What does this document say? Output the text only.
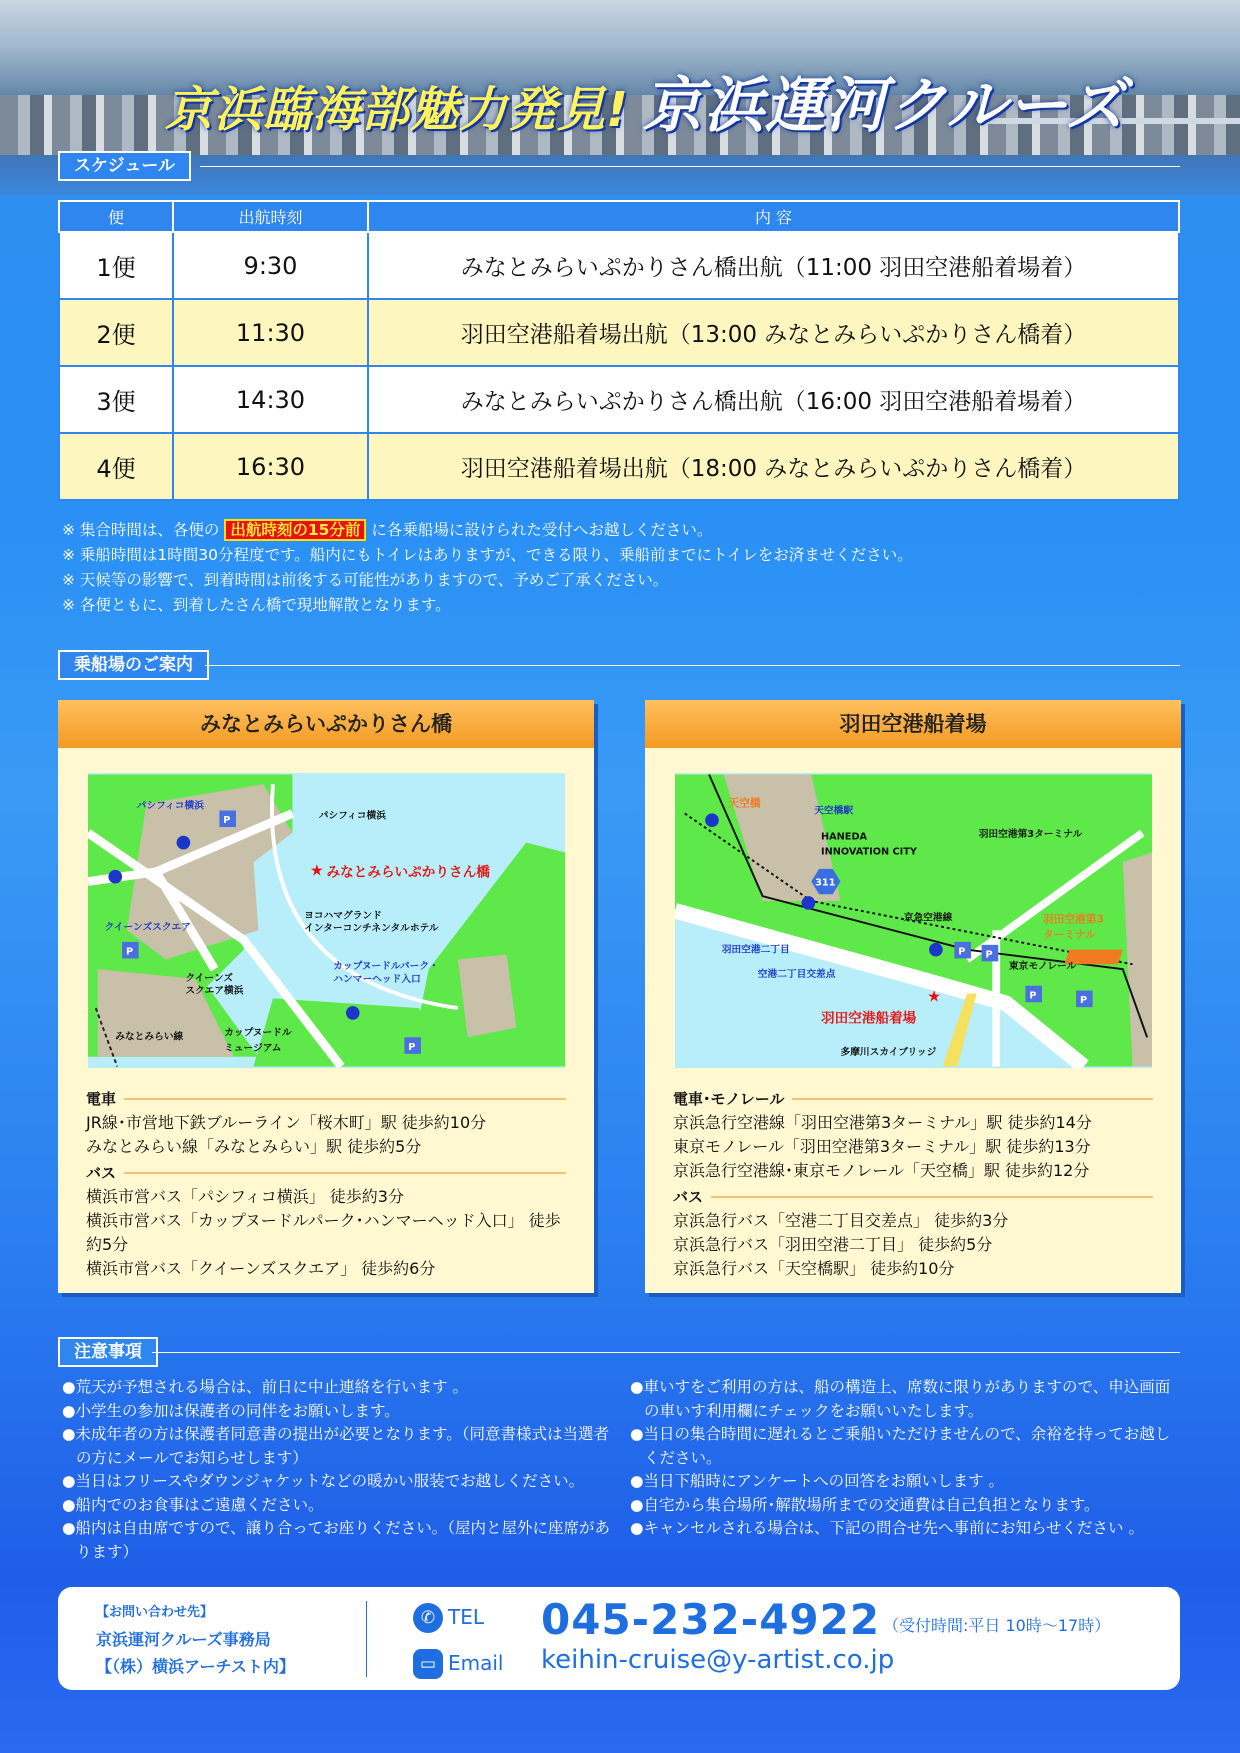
京浜臨海部魅力発見! 京浜運河クルーズ
スケジュール
便	出航時刻	内 容
1便	9:30	みなとみらいぷかりさん橋出航（11:00 羽田空港船着場着）
2便	11:30	羽田空港船着場出航（13:00 みなとみらいぷかりさん橋着）
3便	14:30	みなとみらいぷかりさん橋出航（16:00 羽田空港船着場着）
4便	16:30	羽田空港船着場出航（18:00 みなとみらいぷかりさん橋着）
※ 集合時間は、各便の 出航時刻の15分前 に各乗船場に設けられた受付へお越しください。
※ 乗船時間は1時間30分程度です。船内にもトイレはありますが、できる限り、乗船前までにトイレをお済ませください。
※ 天候等の影響で、到着時間は前後する可能性がありますので、予めご了承ください。
※ 各便ともに、到着したさん橋で現地解散となります。
乗船場のご案内
みなとみらいぷかりさん橋
P
P
P
★
パシフィコ横浜
クイーンズスクエア
カップヌードルパーク・
ハンマーヘッド入口
みなとみらいぷかりさん橋
パシフィコ横浜
ヨコハマグランド
インターコンチネンタルホテル
クイーンズ
スクエア横浜
みなとみらい線	カップヌードル
ミュージアム
電車
JR線･市営地下鉄ブルーライン「桜木町」駅 徒歩約10分
みなとみらい線「みなとみらい」駅 徒歩約5分
バス
横浜市営バス「パシフィコ横浜」 徒歩約3分
横浜市営バス「カップヌードルパーク･ハンマーヘッド入口」 徒歩約5分
横浜市営バス「クイーンズスクエア」 徒歩約6分
羽田空港船着場
311
P P
P	P
★
天空橋
羽田空港第3
ターミナル
天空橋駅
羽田空港二丁目
空港二丁目交差点
HANEDA
INNOVATION CITY
羽田空港第3ターミナル
京急空港線
東京モノレール
多摩川スカイブリッジ
羽田空港船着場
電車･モノレール
京浜急行空港線「羽田空港第3ターミナル」駅 徒歩約14分
東京モノレール「羽田空港第3ターミナル」駅 徒歩約13分
京浜急行空港線･東京モノレール「天空橋」駅 徒歩約12分
バス
京浜急行バス「空港二丁目交差点」 徒歩約3分
京浜急行バス「羽田空港二丁目」 徒歩約5分
京浜急行バス「天空橋駅」 徒歩約10分
注意事項
●荒天が予想される場合は、前日に中止連絡を行います 。
●小学生の参加は保護者の同伴をお願いします。
●未成年者の方は保護者同意書の提出が必要となります。（同意書様式は当選者の方にメールでお知らせします）
●当日はフリースやダウンジャケットなどの暖かい服装でお越しください。
●船内でのお食事はご遠慮ください。
●船内は自由席ですので、譲り合ってお座りください。（屋内と屋外に座席があります）
●車いすをご利用の方は、船の構造上、席数に限りがありますので、申込画面の車いす利用欄にチェックをお願いいたします。
●当日の集合時間に遅れるとご乗船いただけませんので、余裕を持ってお越しください。
●当日下船時にアンケートへの回答をお願いします 。
●自宅から集合場所･解散場所までの交通費は自己負担となります。
●キャンセルされる場合は、下記の問合せ先へ事前にお知らせください 。
【お問い合わせ先】
京浜運河クルーズ事務局
【（株）横浜アーチスト内】
✆ TEL 045-232-4922 （受付時間:平日 10時～17時）
▭ Email keihin-cruise@y-artist.co.jp
